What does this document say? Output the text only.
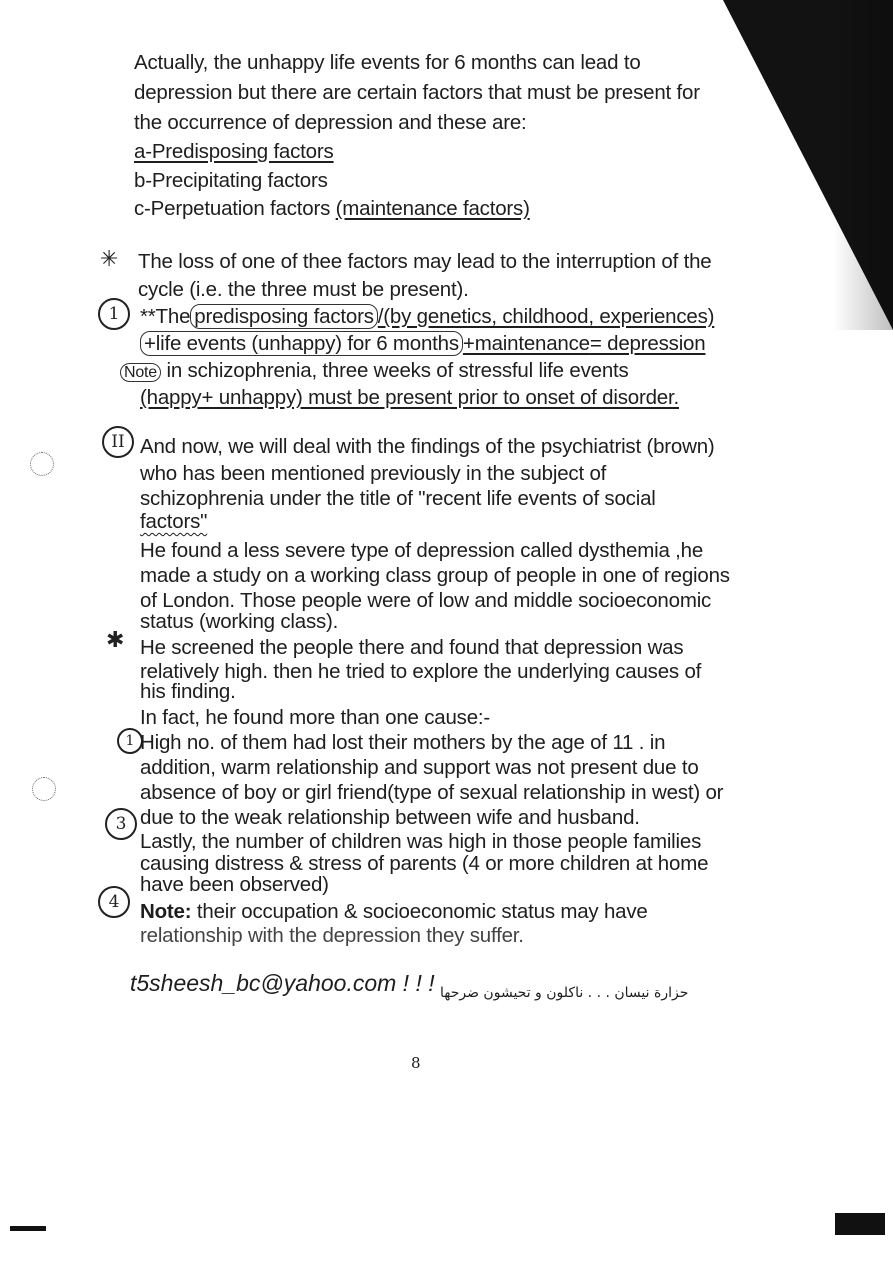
Actually, the unhappy life events for 6 months can lead to
depression but there are certain factors that must be present for
the occurrence of depression and these are:
a-Predisposing factors
b-Precipitating factors
c-Perpetuation factors (maintenance factors)
✳ The loss of one of thee factors may lead to the interruption of the
cycle (i.e. the three must be present).
1	**The predisposing factors /(by genetics, childhood, experiences)
+life events (unhappy) for 6 months +maintenance= depression
Note in schizophrenia, three weeks of stressful life events
(happy+ unhappy) must be present prior to onset of disorder.
II And now, we will deal with the findings of the psychiatrist (brown)
who has been mentioned previously in the subject of
schizophrenia under the title of "recent life events of social
factors"
He found a less severe type of depression called dysthemia ,he
made a study on a working class group of people in one of regions
of London. Those people were of low and middle socioeconomic
status (working class).
✱ He screened the people there and found that depression was
relatively high. then he tried to explore the underlying causes of
his finding.
In fact, he found more than one cause:-
1 High no. of them had lost their mothers by the age of 11 . in
addition, warm relationship and support was not present due to
absence of boy or girl friend(type of sexual relationship in west) or
due to the weak relationship between wife and husband.
3
Lastly, the number of children was high in those people families
causing distress & stress of parents (4 or more children at home
have been observed)
4	Note: their occupation & socioeconomic status may have
relationship with the depression they suffer.
t5sheesh_bc@yahoo.com ! ! ! حزارة نيسان . . . ناكلون و تحيشون ضرحها
8
